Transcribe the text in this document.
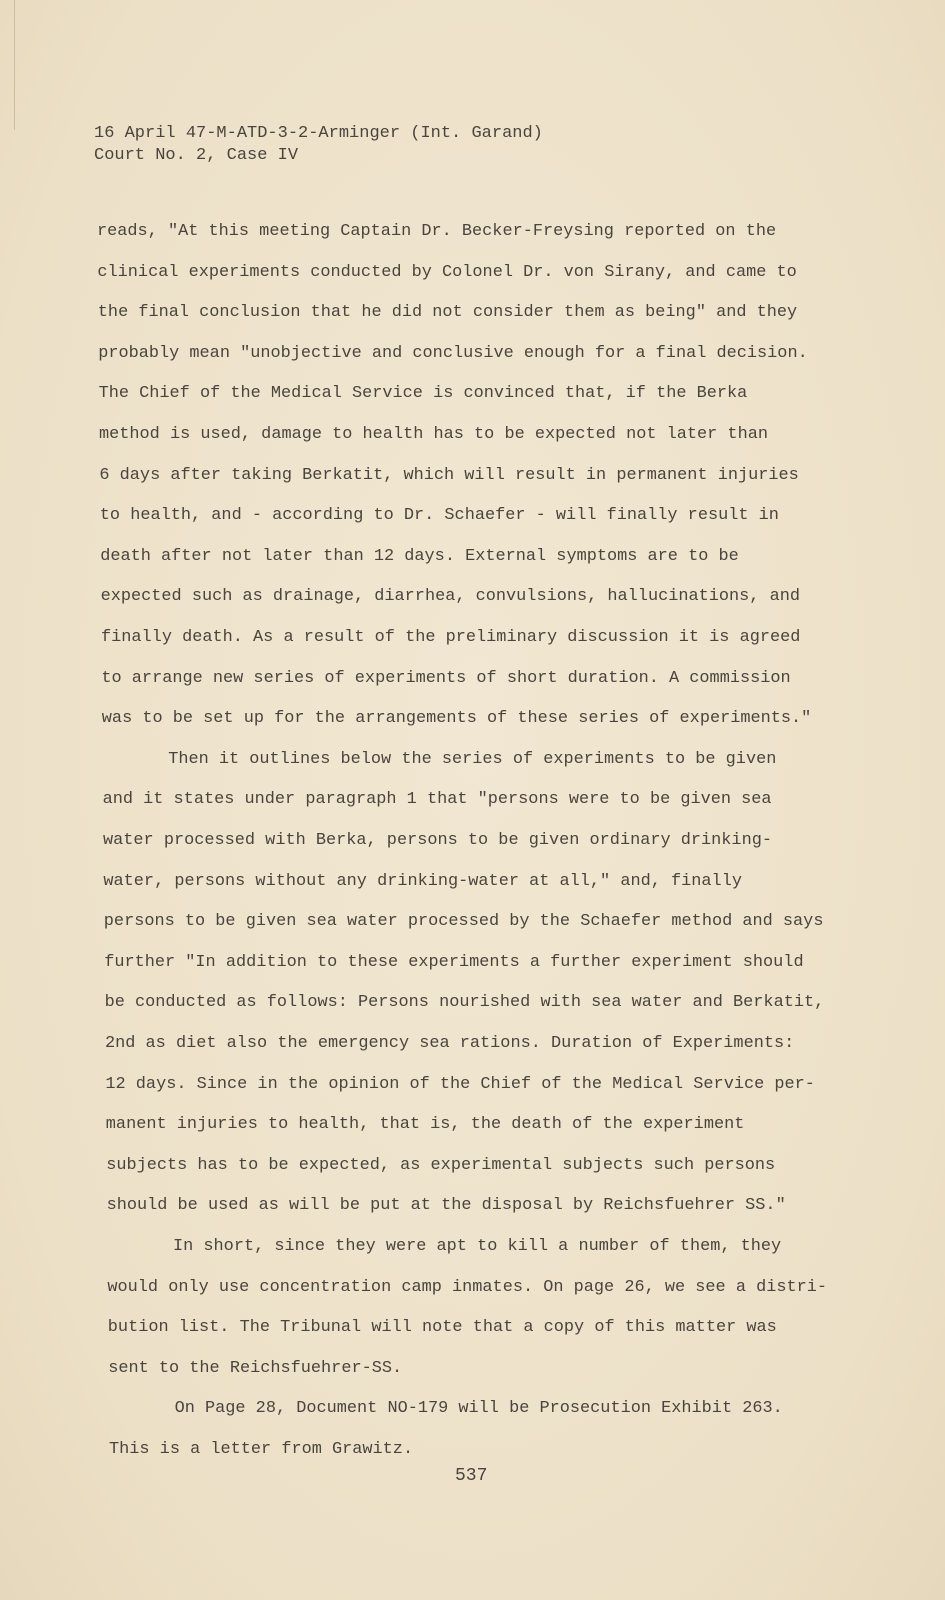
16 April 47-M-ATD-3-2-Arminger (Int. Garand)
Court No. 2, Case IV
reads, "At this meeting Captain Dr. Becker-Freysing reported on the
clinical experiments conducted by Colonel Dr. von Sirany, and came to
the final conclusion that he did not consider them as being" and they
probably mean "unobjective and conclusive enough for a final decision.
The Chief of the Medical Service is convinced that, if the Berka
method is used, damage to health has to be expected not later than
6 days after taking Berkatit, which will result in permanent injuries
to health, and - according to Dr. Schaefer - will finally result in
death after not later than 12 days. External symptoms are to be
expected such as drainage, diarrhea, convulsions, hallucinations, and
finally death. As a result of the preliminary discussion it is agreed
to arrange new series of experiments of short duration. A commission
was to be set up for the arrangements of these series of experiments."
Then it outlines below the series of experiments to be given
and it states under paragraph 1 that "persons were to be given sea
water processed with Berka, persons to be given ordinary drinking-
water, persons without any drinking-water at all," and, finally
persons to be given sea water processed by the Schaefer method and says
further "In addition to these experiments a further experiment should
be conducted as follows: Persons nourished with sea water and Berkatit,
2nd as diet also the emergency sea rations. Duration of Experiments:
12 days. Since in the opinion of the Chief of the Medical Service per-
manent injuries to health, that is, the death of the experiment
subjects has to be expected, as experimental subjects such persons
should be used as will be put at the disposal by Reichsfuehrer SS."
In short, since they were apt to kill a number of them, they
would only use concentration camp inmates. On page 26, we see a distri-
bution list. The Tribunal will note that a copy of this matter was
sent to the Reichsfuehrer-SS.
On Page 28, Document NO-179 will be Prosecution Exhibit 263.
This is a letter from Grawitz.
537
